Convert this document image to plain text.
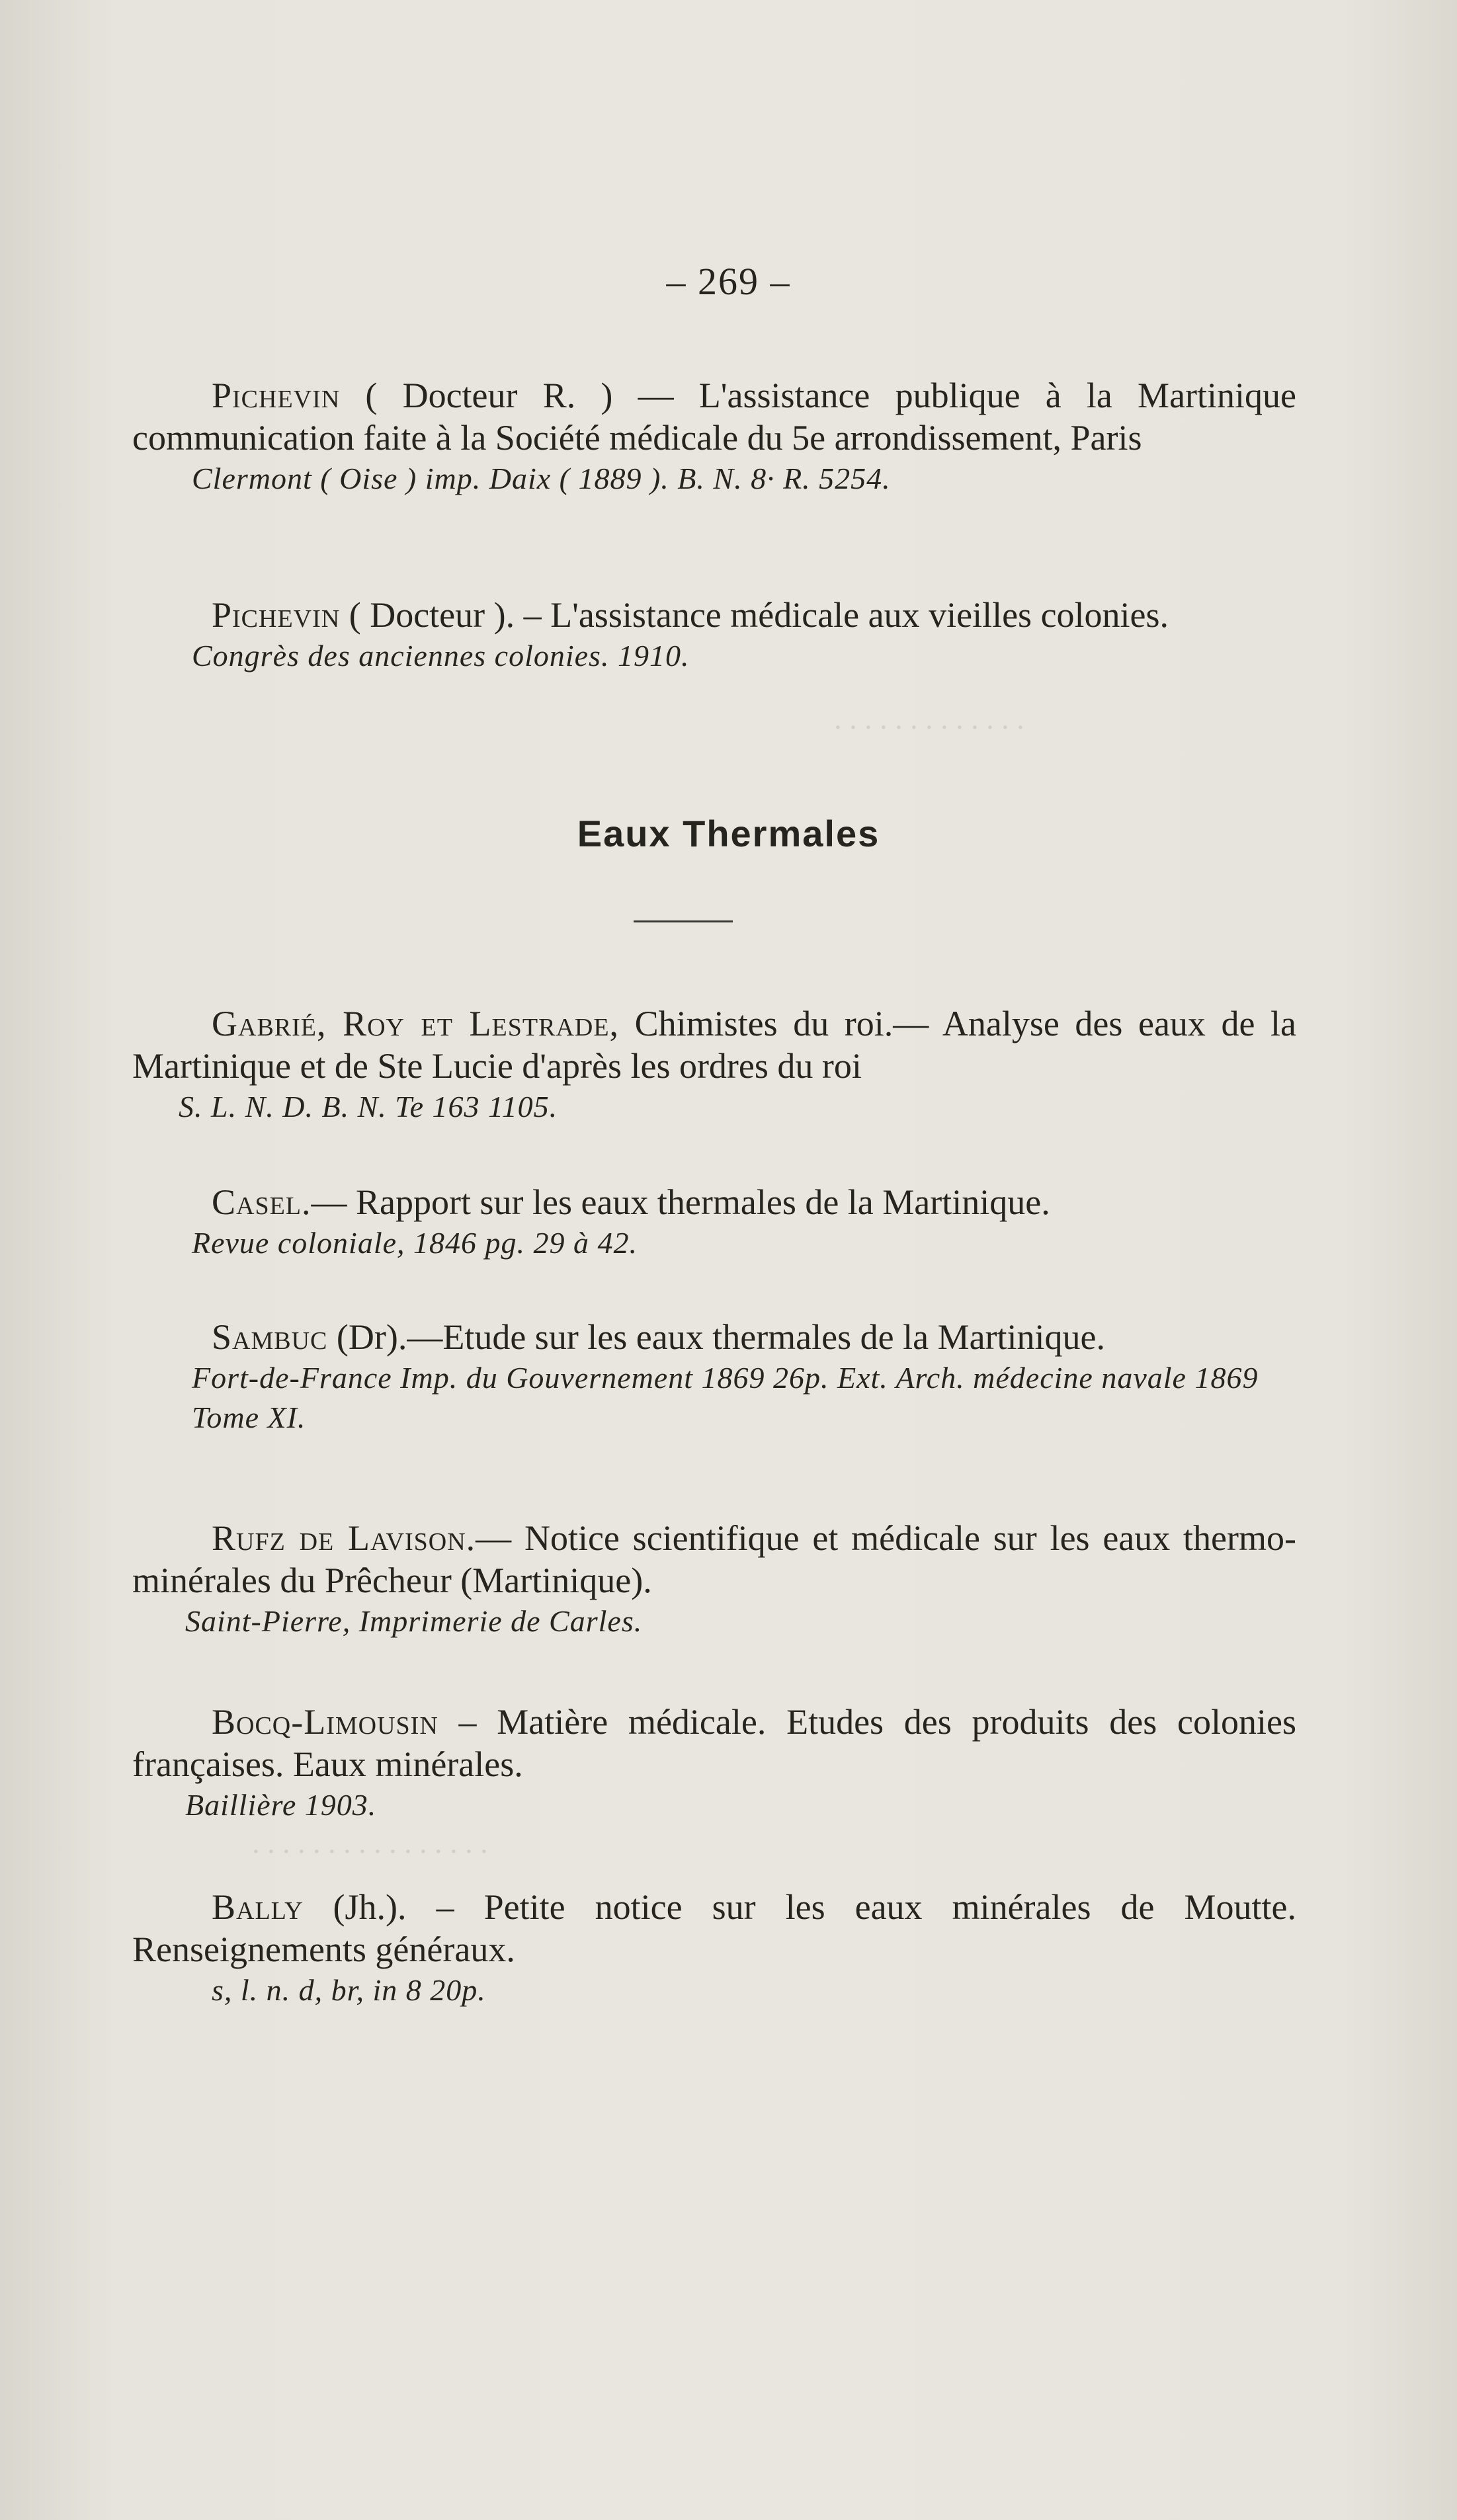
. . . . . . . . . . . . .
. . . . . . . . . . . . . . . .
– 269 –

Pichevin ( Docteur R. ) — L'assistance publique à la Martinique communication faite à la Société médicale du 5e arrondissement, Paris

Clermont ( Oise ) imp. Daix ( 1889 ). B. N. 8· R. 5254.

Pichevin ( Docteur ). – L'assistance médicale aux vieilles colonies.

Congrès des anciennes colonies. 1910.

Eaux Thermales

Gabrié, Roy et Lestrade, Chimistes du roi.— Analyse des eaux de la Martinique et de Ste Lucie d'après les ordres du roi

S. L. N. D. B. N. Te 163 1105.

Casel.— Rapport sur les eaux thermales de la Martinique.

Revue coloniale, 1846 pg. 29 à 42.

Sambuc (Dr).—Etude sur les eaux thermales de la Martinique.

Fort-de-France Imp. du Gouvernement 1869 26p. Ext. Arch. médecine navale 1869 Tome XI.

Rufz de Lavison.— Notice scientifique et médicale sur les eaux thermo-minérales du Prêcheur (Martinique).

Saint-Pierre, Imprimerie de Carles.

Bocq-Limousin – Matière médicale. Etudes des produits des colonies françaises. Eaux minérales.

Baillière 1903.

Bally (Jh.). – Petite notice sur les eaux minérales de Moutte. Renseignements généraux.

s, l. n. d, br, in 8 20p.
